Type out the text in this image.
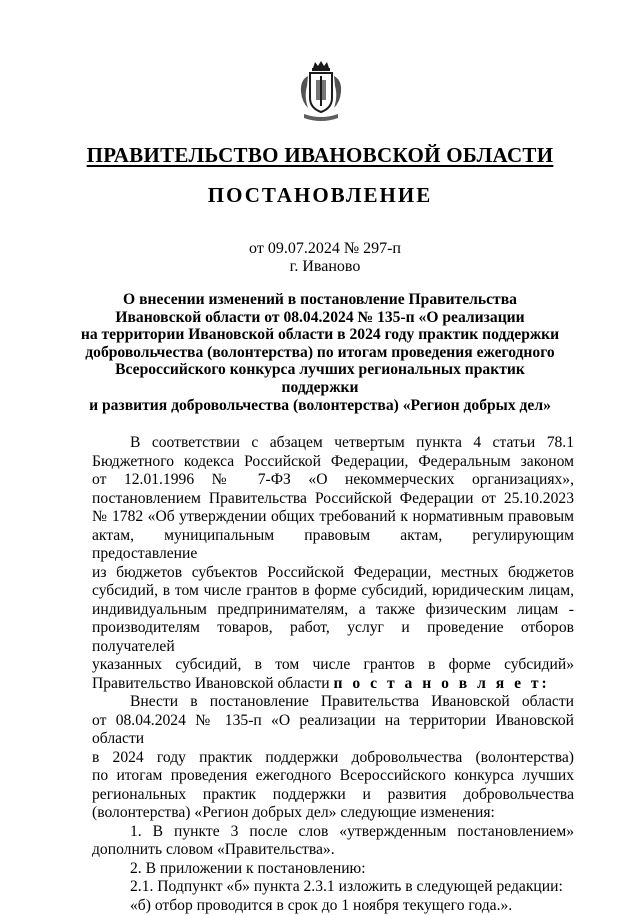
ПРАВИТЕЛЬСТВО ИВАНОВСКОЙ ОБЛАСТИ
ПОСТАНОВЛЕНИЕ
от 09.07.2024 № 297-п
г. Иваново
О внесении изменений в постановление Правительства
Ивановской области от 08.04.2024 № 135-п «О реализации
на территории Ивановской области в 2024 году практик поддержки
добровольчества (волонтерства) по итогам проведения ежегодного
Всероссийского конкурса лучших региональных практик поддержки
и развития добровольчества (волонтерства) «Регион добрых дел»

В соответствии с абзацем четвертым пункта 4 статьи 78.1

Бюджетного кодекса Российской Федерации, Федеральным законом

от 12.01.1996 № 7-ФЗ «О некоммерческих организациях»,

постановлением Правительства Российской Федерации от 25.10.2023

№ 1782 «Об утверждении общих требований к нормативным правовым

актам, муниципальным правовым актам, регулирующим предоставление

из бюджетов субъектов Российской Федерации, местных бюджетов

субсидий, в том числе грантов в форме субсидий, юридическим лицам,

индивидуальным предпринимателям, а также физическим лицам -

производителям товаров, работ, услуг и проведение отборов получателей

указанных субсидий, в том числе грантов в форме субсидий»

Правительство Ивановской области п о с т а н о в л я е т:

Внести в постановление Правительства Ивановской области

от 08.04.2024 № 135-п «О реализации на территории Ивановской области

в 2024 году практик поддержки добровольчества (волонтерства)

по итогам проведения ежегодного Всероссийского конкурса лучших

региональных практик поддержки и развития добровольчества

(волонтерства) «Регион добрых дел» следующие изменения:

1. В пункте 3 после слов «утвержденным постановлением»

дополнить словом «Правительства».

2. В приложении к постановлению:

2.1. Подпункт «б» пункта 2.3.1 изложить в следующей редакции:

«б) отбор проводится в срок до 1 ноября текущего года.».
